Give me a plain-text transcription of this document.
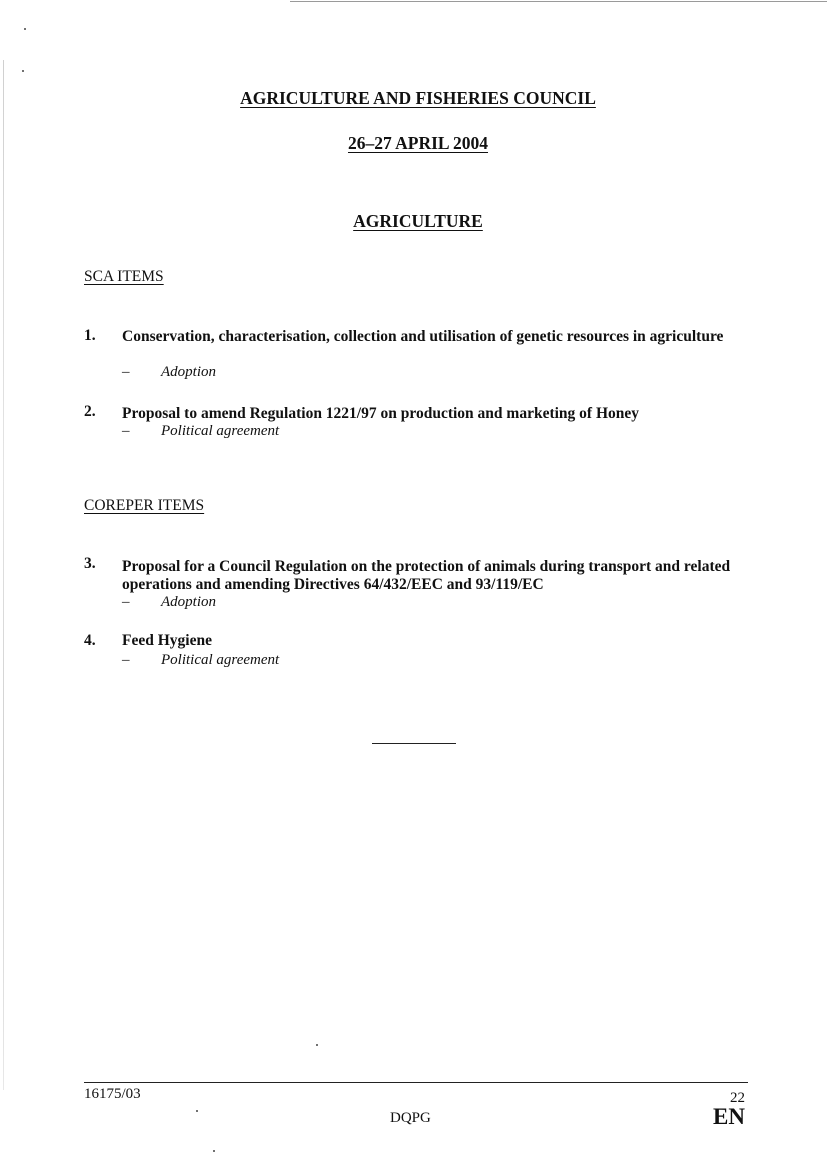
AGRICULTURE AND FISHERIES COUNCIL
26–27 APRIL 2004
AGRICULTURE
SCA ITEMS
1. Conservation, characterisation, collection and utilisation of genetic resources in agriculture
– Adoption
2. Proposal to amend Regulation 1221/97 on production and marketing of Honey
– Political agreement
COREPER ITEMS
3. Proposal for a Council Regulation on the protection of animals during transport and related operations and amending Directives 64/432/EEC and 93/119/EC
– Adoption
4. Feed Hygiene
– Political agreement
16175/03	22
DQPG	EN
